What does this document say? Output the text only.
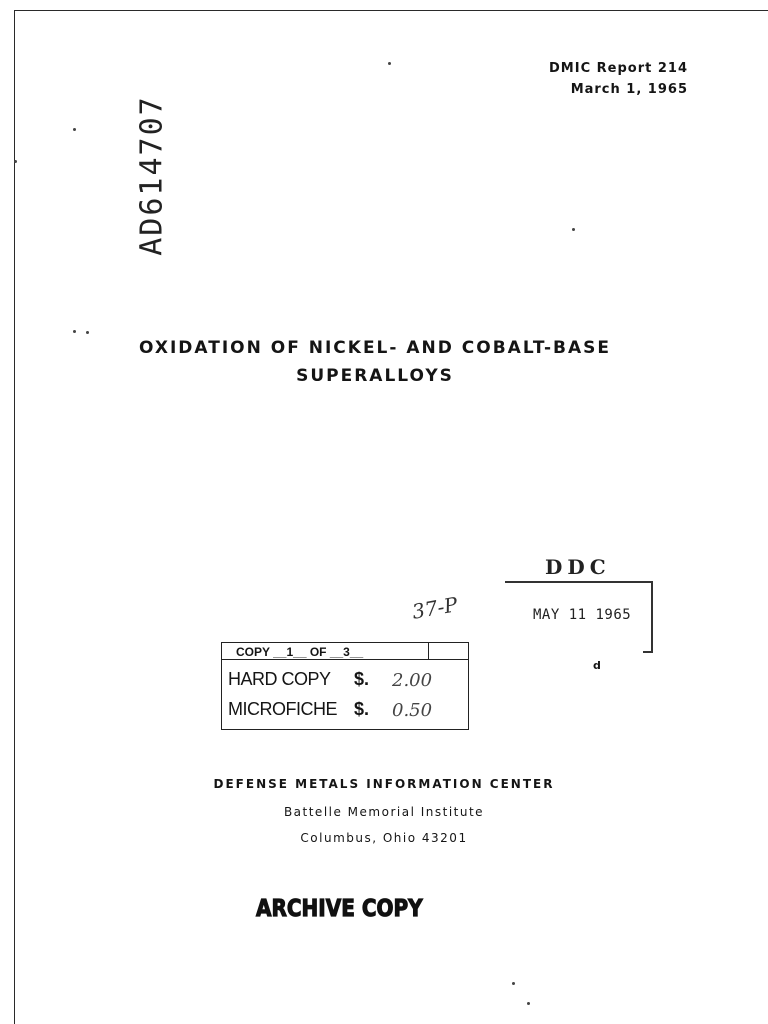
DMIC Report 214
March 1, 1965
AD614707
OXIDATION OF NICKEL- AND COBALT-BASE
SUPERALLOYS
DDC
MAY 11 1965
d
37-P
COPY __1__ OF __3__
HARD COPY $. 2.00
MICROFICHE $. 0.50
DEFENSE METALS INFORMATION CENTER
Battelle Memorial Institute
Columbus, Ohio 43201
ARCHIVE COPY
